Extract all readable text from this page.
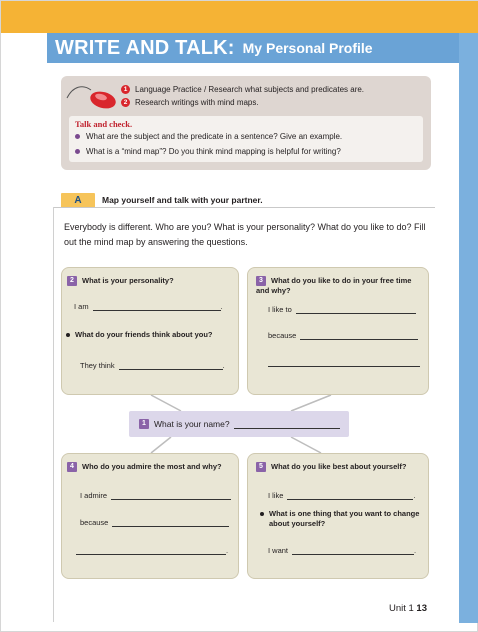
WRITE AND TALK: My Personal Profile
1 Language Practice / Research what subjects and predicates are.
2 Research writings with mind maps.
Talk and check.
What are the subject and the predicate in a sentence? Give an example.
What is a “mind map”? Do you think mind mapping is helpful for writing?
A	Map yourself and talk with your partner.
Everybody is different. Who are you? What is your personality? What do you like to do? Fill out the mind map by answering the questions.
2 What is your personality?
I am	.
What do your friends think about you?
They think	.
3 What do you like to do in your free time and why?
I like to
because
1 What is your name?
4 Who do you admire the most and why?
I admire
because
.
5 What do you like best about yourself?
I like	.
What is one thing that you want to change about yourself?
I want	.
Unit 1 13
